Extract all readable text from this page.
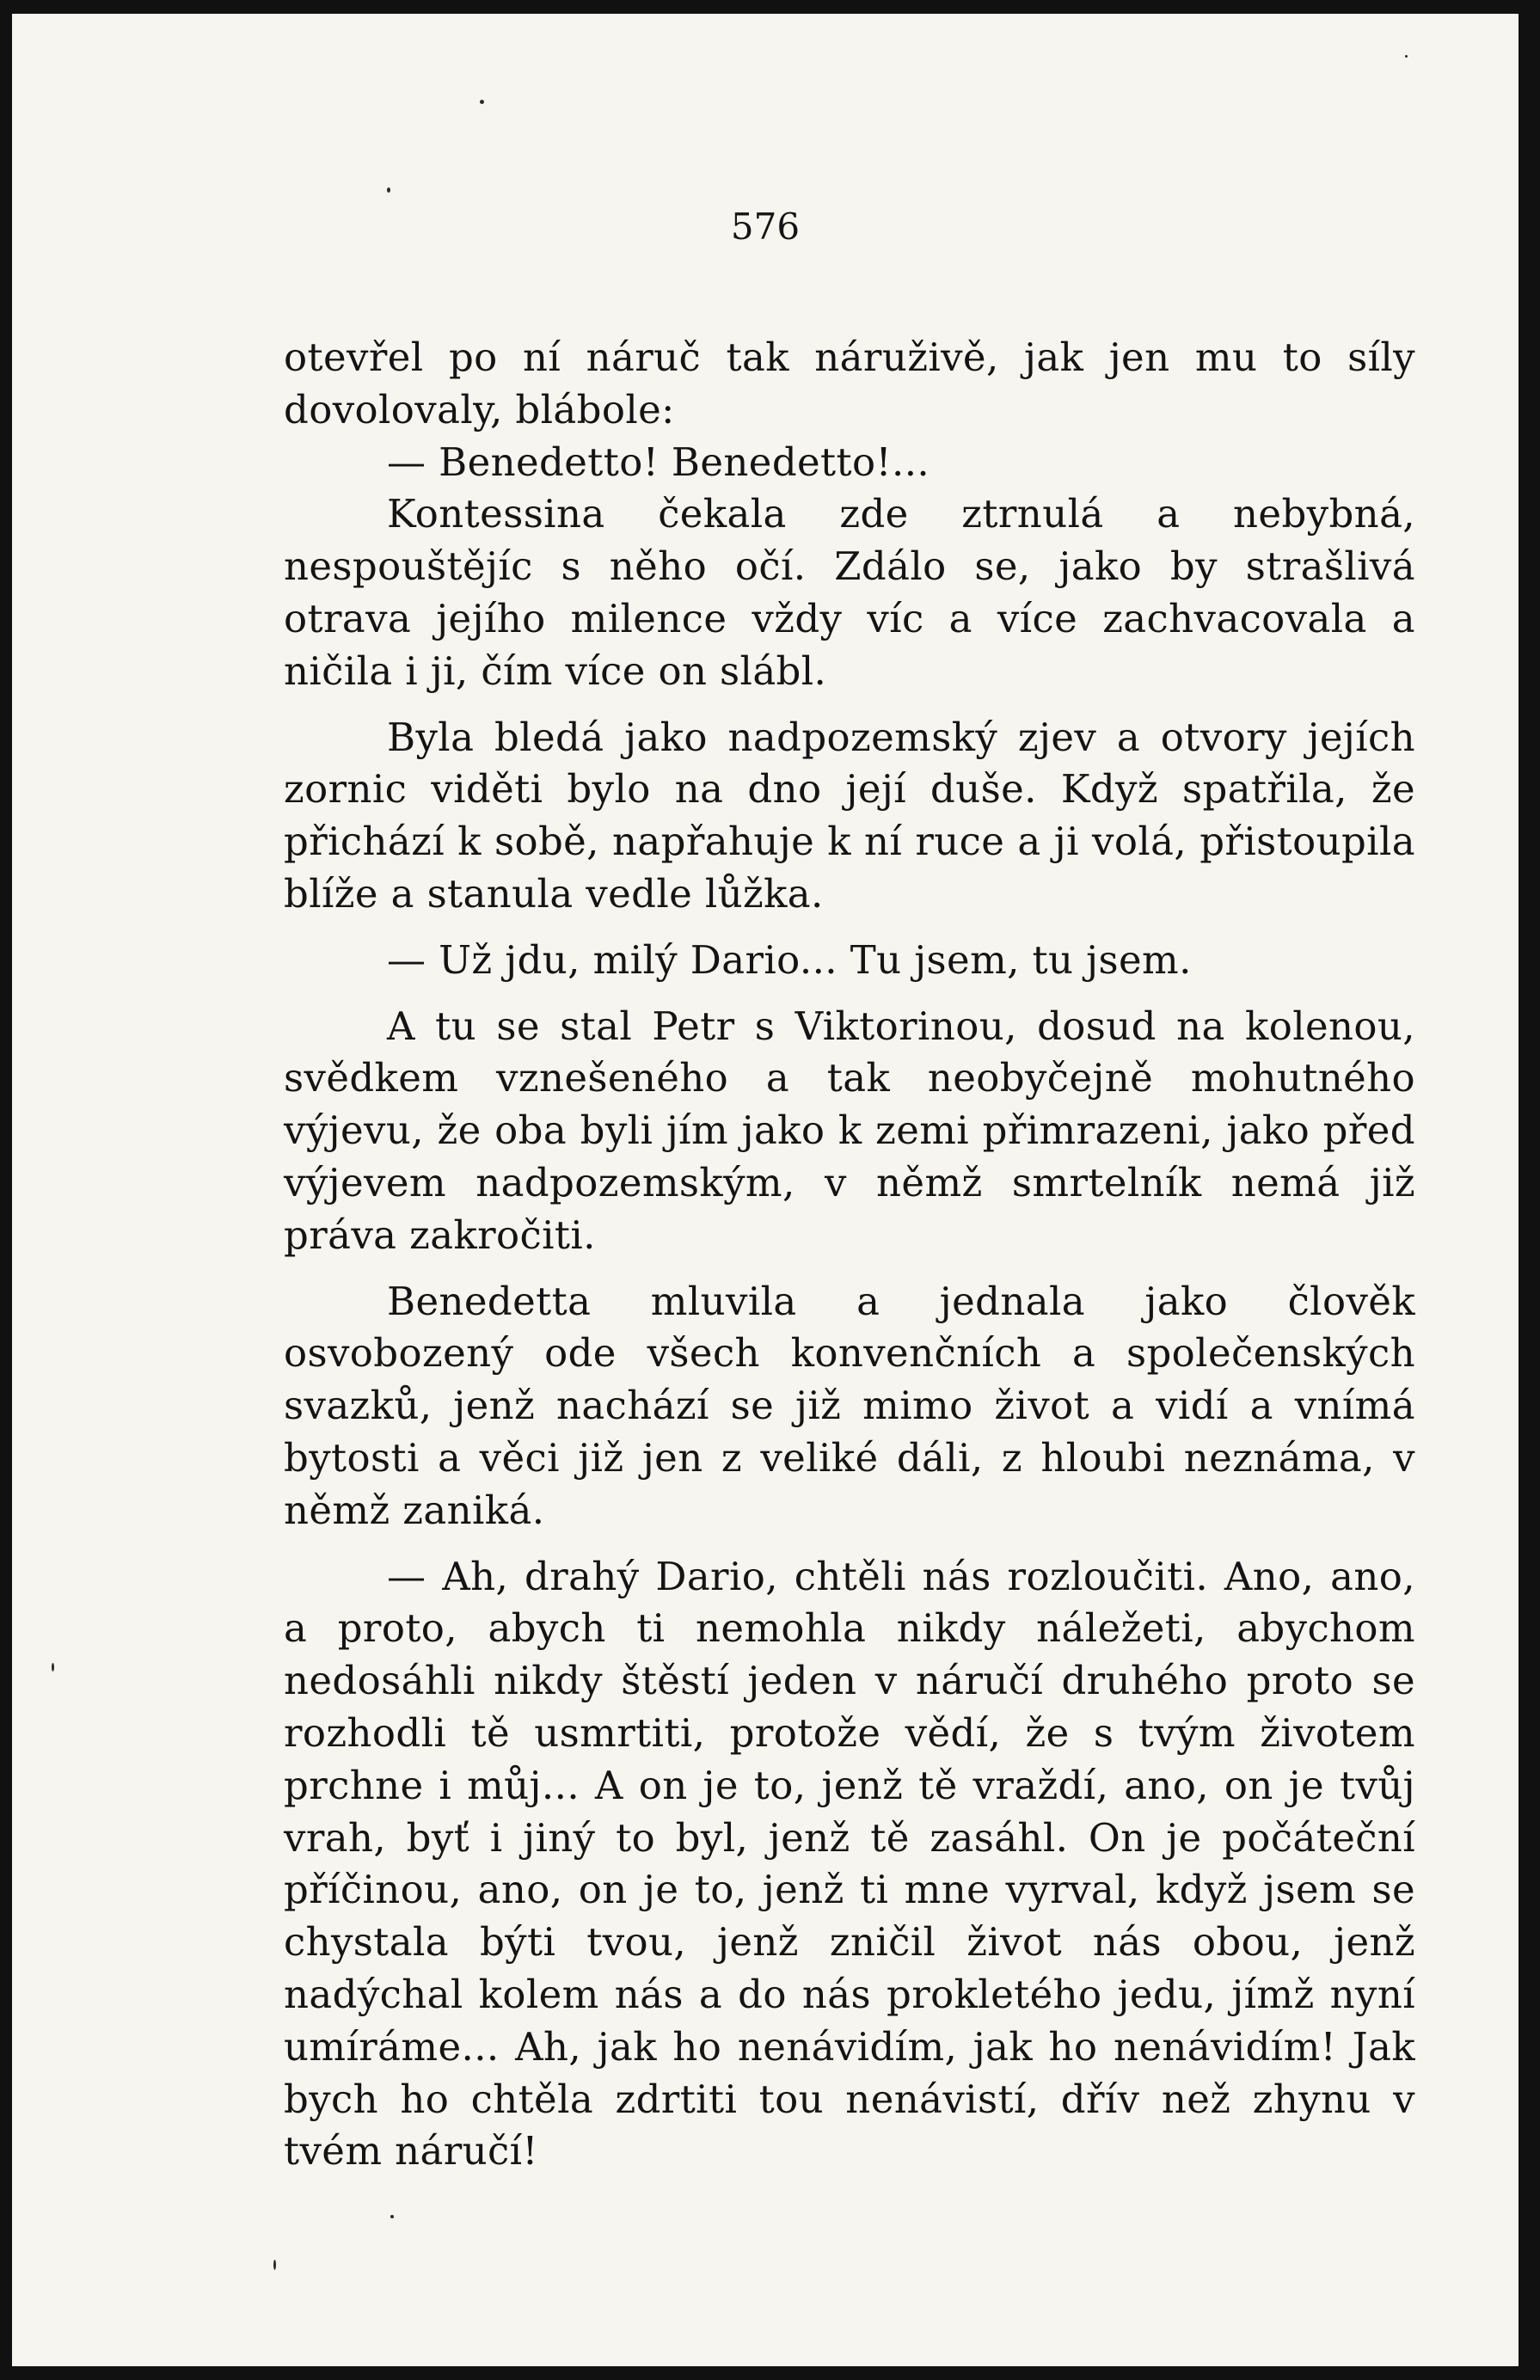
576

otevřel po ní náruč tak náruživě, jak jen mu to síly dovolovaly, blábole:

— Benedetto! Benedetto!...

Kontessina čekala zde ztrnulá a nebybná, nespouštějíc s něho očí. Zdálo se, jako by strašlivá otrava jejího milence vždy víc a více zachvacovala a ničila i ji, čím více on slábl.

Byla bledá jako nadpozemský zjev a otvory jejích zornic viděti bylo na dno její duše. Když spatřila, že přichází k sobě, napřahuje k ní ruce a ji volá, přistoupila blíže a stanula vedle lůžka.

— Už jdu, milý Dario... Tu jsem, tu jsem.

A tu se stal Petr s Viktorinou, dosud na kolenou, svědkem vznešeného a tak neobyčejně mohutného výjevu, že oba byli jím jako k zemi přimrazeni, jako před výjevem nadpozemským, v němž smrtelník nemá již práva zakročiti.

Benedetta mluvila a jednala jako člověk osvobozený ode všech konvenčních a společenských svazků, jenž nachází se již mimo život a vidí a vnímá bytosti a věci již jen z veliké dáli, z hloubi neznáma, v němž zaniká.

— Ah, drahý Dario, chtěli nás rozloučiti. Ano, ano, a proto, abych ti nemohla nikdy náležeti, abychom nedosáhli nikdy štěstí jeden v náručí druhého proto se rozhodli tě usmrtiti, protože vědí, že s tvým životem prchne i můj... A on je to, jenž tě vraždí, ano, on je tvůj vrah, byť i jiný to byl, jenž tě zasáhl. On je počáteční příčinou, ano, on je to, jenž ti mne vyrval, když jsem se chystala býti tvou, jenž zničil život nás obou, jenž nadýchal kolem nás a do nás prokletého jedu, jímž nyní umíráme... Ah, jak ho nenávidím, jak ho nenávidím! Jak bych ho chtěla zdrtiti tou nenávistí, dřív než zhynu v tvém náručí!
